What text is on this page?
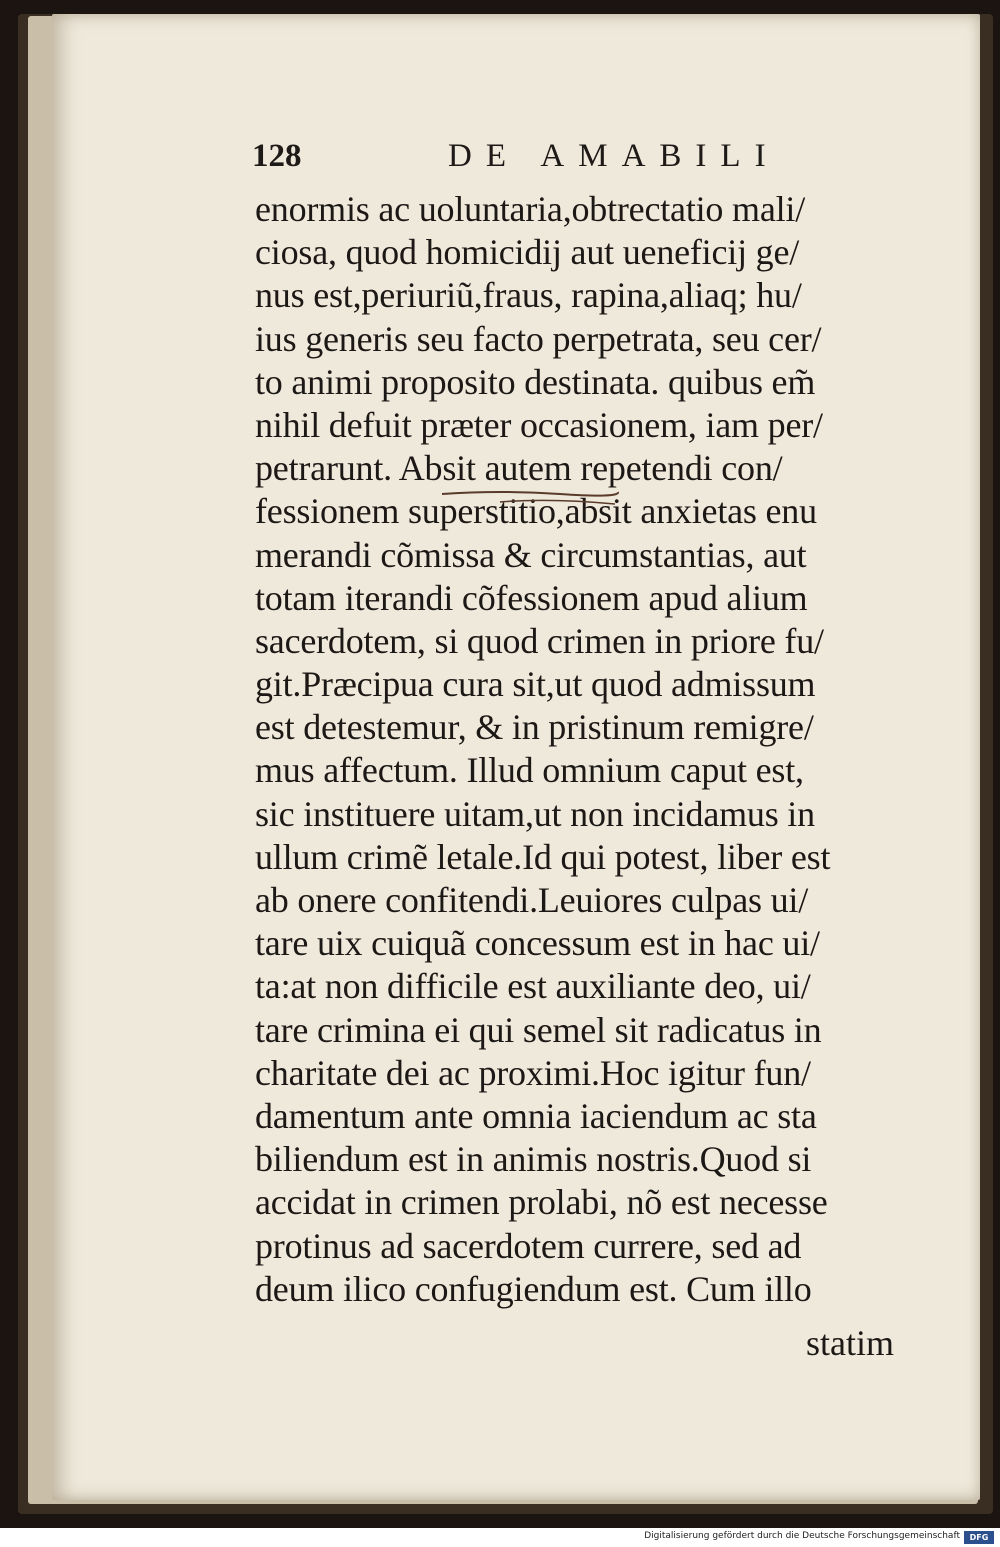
128	DE AMABILI
enormis ac uoluntaria,obtrectatio mali/
ciosa, quod homicidij aut ueneficij ge/
nus est,periuriũ,fraus, rapina,aliaq; hu/
ius generis seu facto perpetrata, seu cer/
to animi proposito destinata. quibus em̃
nihil defuit præter occasionem, iam per/
petrarunt. Absit autem repetendi con/
fessionem superstitio,absit anxietas enu
merandi cõmissa & circumstantias, aut
totam iterandi cõfessionem apud alium
sacerdotem, si quod crimen in priore fu/
git.Præcipua cura sit,ut quod admissum
est detestemur, & in pristinum remigre/
mus affectum. Illud omnium caput est,
sic instituere uitam,ut non incidamus in
ullum crimẽ letale.Id qui potest, liber est
ab onere confitendi.Leuiores culpas ui/
tare uix cuiquã concessum est in hac ui/
ta:at non difficile est auxiliante deo, ui/
tare crimina ei qui semel sit radicatus in
charitate dei ac proximi.Hoc igitur fun/
damentum ante omnia iaciendum ac sta
biliendum est in animis nostris.Quod si
accidat in crimen prolabi, nõ est necesse
protinus ad sacerdotem currere, sed ad
deum ilico confugiendum est. Cum illo
statim
Digitalisierung gefördert durch die Deutsche Forschungsgemeinschaft	DFG
